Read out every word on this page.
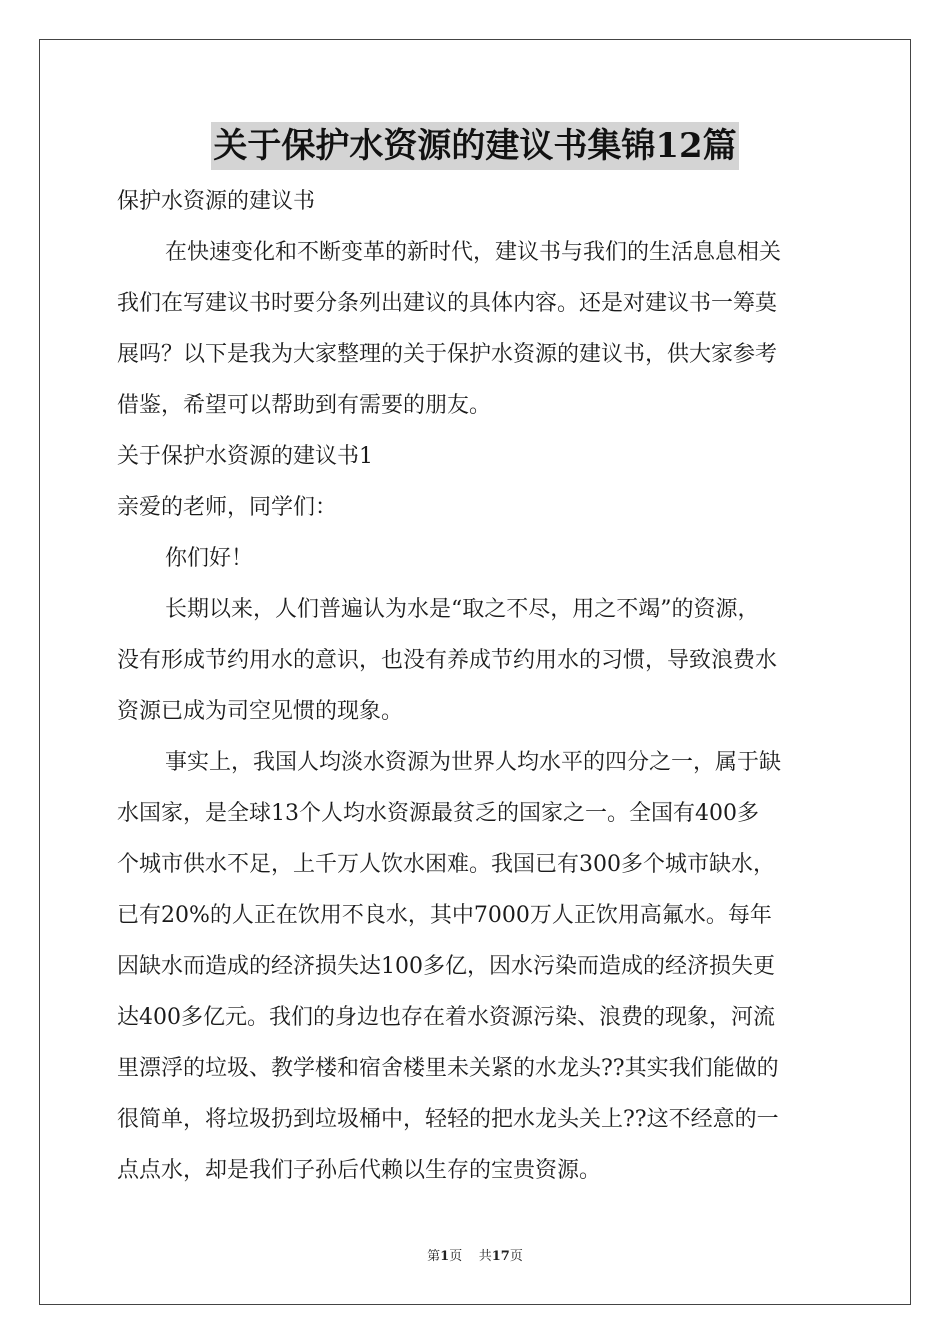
关于保护水资源的建议书集锦12篇

保护水资源的建议书

在快速变化和不断变革的新时代，建议书与我们的生活息息相关

我们在写建议书时要分条列出建议的具体内容。还是对建议书一筹莫

展吗？以下是我为大家整理的关于保护水资源的建议书，供大家参考

借鉴，希望可以帮助到有需要的朋友。

关于保护水资源的建议书1

亲爱的老师，同学们：

你们好！

长期以来，人们普遍认为水是“取之不尽，用之不竭”的资源，

没有形成节约用水的意识，也没有养成节约用水的习惯，导致浪费水

资源已成为司空见惯的现象。

事实上，我国人均淡水资源为世界人均水平的四分之一，属于缺

水国家，是全球13个人均水资源最贫乏的国家之一。全国有400多

个城市供水不足，上千万人饮水困难。我国已有300多个城市缺水，

已有20%的人正在饮用不良水，其中7000万人正饮用高氟水。每年

因缺水而造成的经济损失达100多亿，因水污染而造成的经济损失更

达400多亿元。我们的身边也存在着水资源污染、浪费的现象，河流

里漂浮的垃圾、教学楼和宿舍楼里未关紧的水龙头??其实我们能做的

很简单，将垃圾扔到垃圾桶中，轻轻的把水龙头关上??这不经意的一

点点水，却是我们子孙后代赖以生存的宝贵资源。

第1页    共17页
